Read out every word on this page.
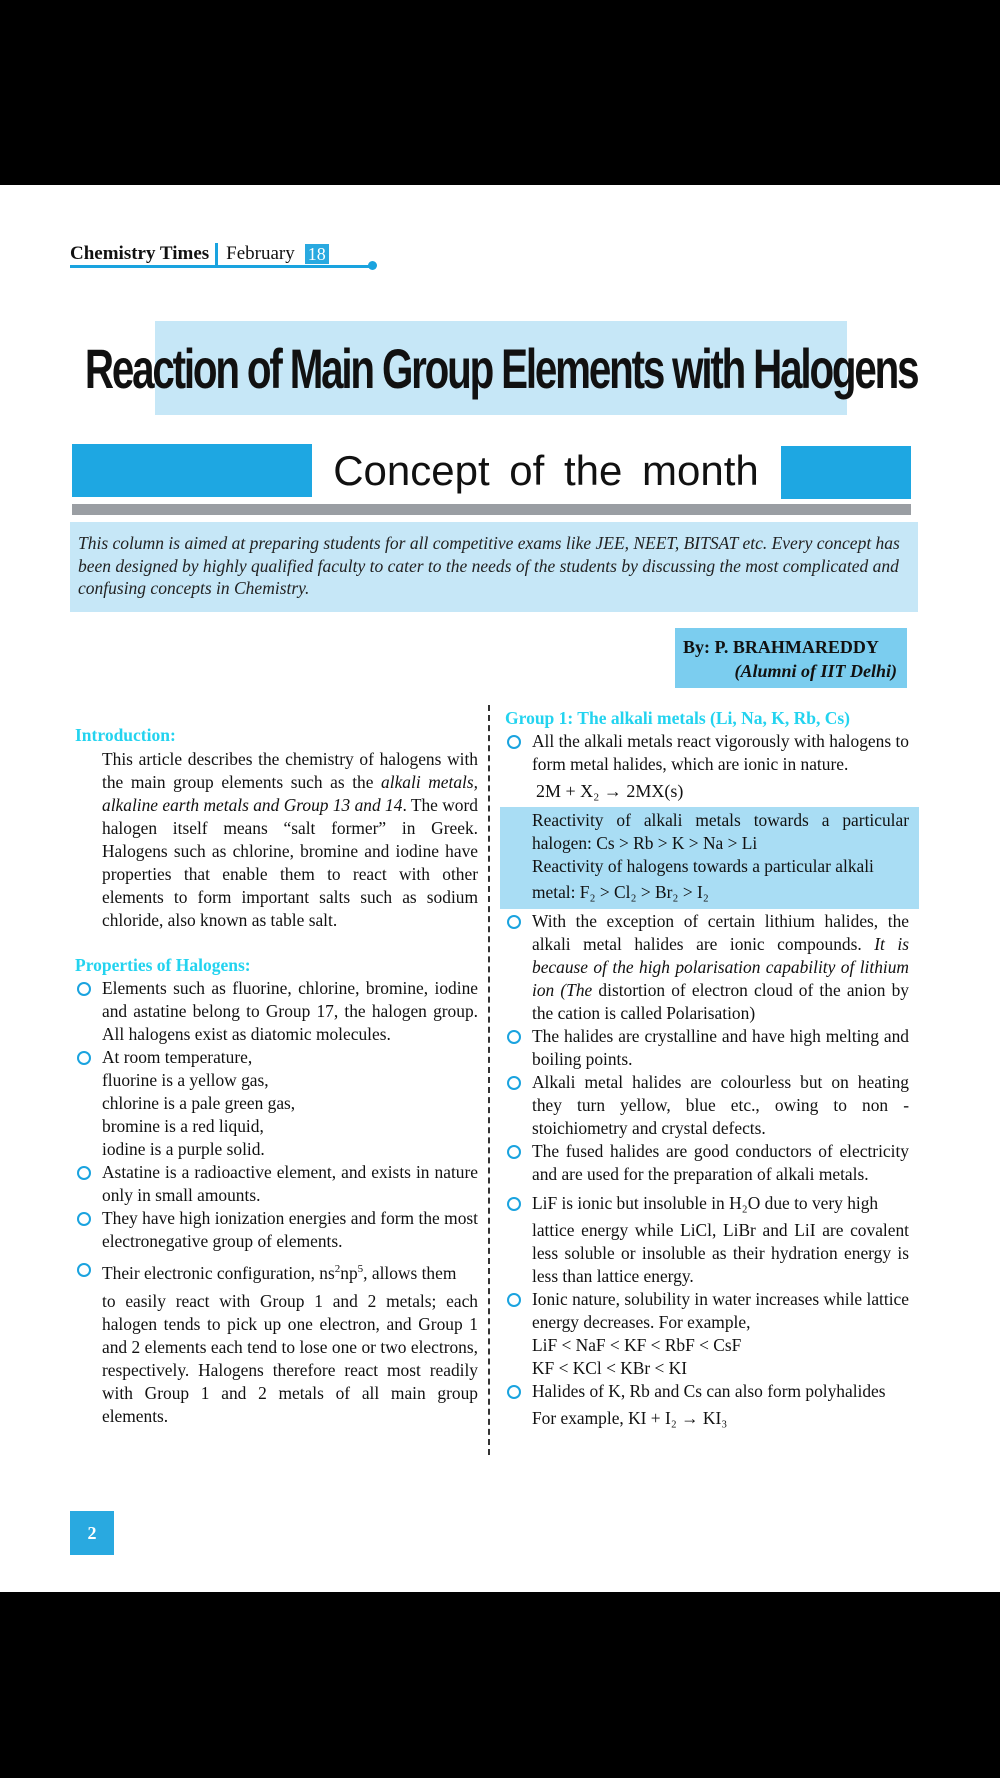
Chemistry Times February 18
Reaction of Main Group Elements with Halogens
Concept of the month

This column is aimed at preparing students for all competitive exams like JEE, NEET, BITSAT etc. Every concept has been designed by highly qualified faculty to cater to the needs of the students by discussing the most complicated and confusing concepts in Chemistry.

By: P. BRAHMAREDDY
(Alumni of IIT Delhi)
Introduction:
This article describes the chemistry of halogens with the main group elements such as the alkali metals, alkaline earth metals and Group 13 and 14. The word halogen itself means “salt former” in Greek. Halogens such as chlorine, bromine and iodine have properties that enable them to react with other elements to form important salts such as sodium chloride, also known as table salt.
Properties of Halogens:

Elements such as fluorine, chlorine, bromine, iodine and astatine belong to Group 17, the halogen group. All halogens exist as diatomic molecules.

At room temperature,

fluorine is a yellow gas,

chlorine is a pale green gas,

bromine is a red liquid,

iodine is a purple solid.

Astatine is a radioactive element, and exists in nature only in small amounts.

They have high ionization energies and form the most electronegative group of elements.

Their electronic configuration, $ns^2np^5$, allows them

to easily react with Group 1 and 2 metals; each halogen tends to pick up one electron, and Group 1 and 2 elements each tend to lose one or two electrons, respectively. Halogens therefore react most readily with Group 1 and 2 metals of all main group elements.

Group 1: The alkali metals (Li, Na, K, Rb, Cs)

All the alkali metals react vigorously with halogens to form metal halides, which are ionic in nature.

2M + X₂ → 2MX(s)

Reactivity of alkali metals towards a particular halogen: Cs > Rb > K > Na > Li

Reactivity of halogens towards a particular alkali

metal: F₂ > Cl₂ > Br₂ > I₂

With the exception of certain lithium halides, the alkali metal halides are ionic compounds. It is because of the high polarisation capability of lithium ion (The distortion of electron cloud of the anion by the cation is called Polarisation)

The halides are crystalline and have high melting and boiling points.

Alkali metal halides are colourless but on heating they turn yellow, blue etc., owing to non - stoichiometry and crystal defects.

The fused halides are good conductors of electricity and are used for the preparation of alkali metals.

LiF is ionic but insoluble in H₂O due to very high

lattice energy while LiCl, LiBr and LiI are covalent less soluble or insoluble as their hydration energy is less than lattice energy.

Ionic nature, solubility in water increases while lattice energy decreases. For example,

LiF < NaF < KF < RbF < CsF

KF < KCl < KBr < KI

Halides of K, Rb and Cs can also form polyhalides

For example, KI + I₂ → KI₃

2
